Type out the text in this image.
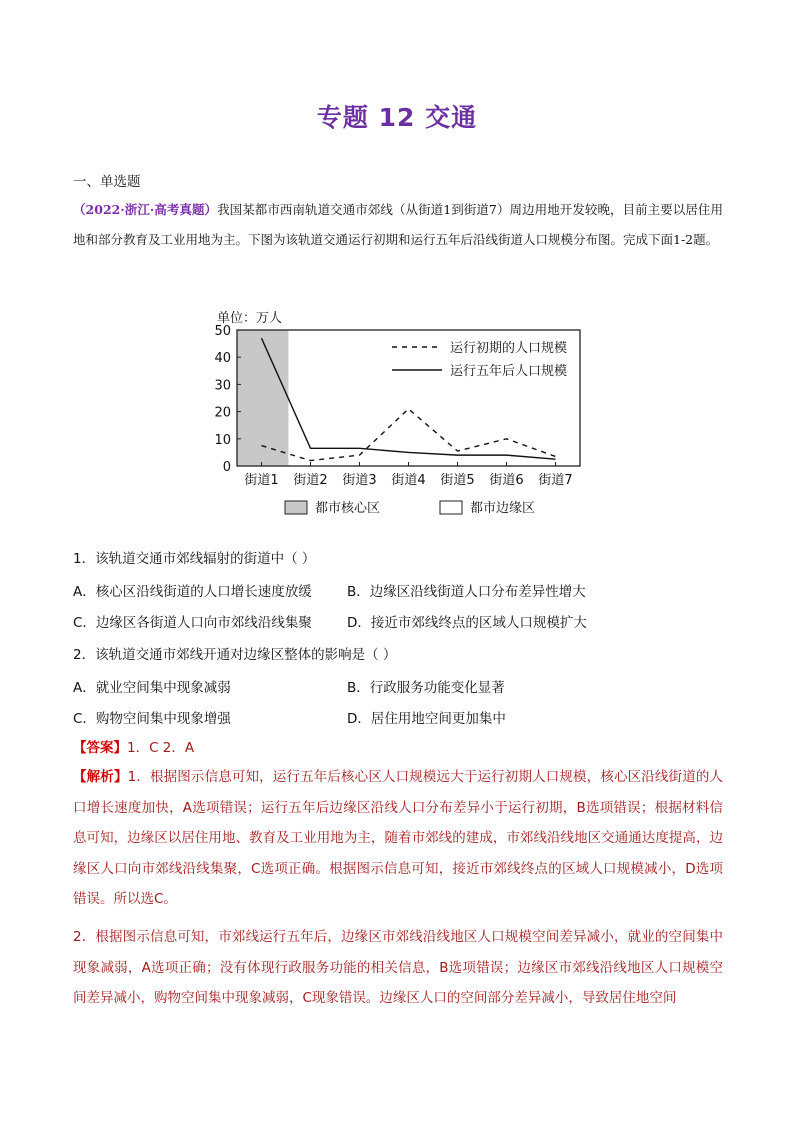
专题 12 交通
一、单选题
（2022·浙江·高考真题）我国某都市西南轨道交通市郊线（从街道1到街道7）周边用地开发较晚，目前主要以居住用地和部分教育及工业用地为主。下图为该轨道交通运行初期和运行五年后沿线街道人口规模分布图。完成下面1-2题。
单位：万人
0
10
20
30
40
50
街道1 街道2 街道3 街道4 街道5 街道6 街道7
运行初期的人口规模
运行五年后人口规模
都市核心区	都市边缘区
1．该轨道交通市郊线辐射的街道中（ ）
A．核心区沿线街道的人口增长速度放缓	B．边缘区沿线街道人口分布差异性增大
C．边缘区各街道人口向市郊线沿线集聚	D．接近市郊线终点的区域人口规模扩大
2．该轨道交通市郊线开通对边缘区整体的影响是（ ）
A．就业空间集中现象减弱	B．行政服务功能变化显著
C．购物空间集中现象增强	D．居住用地空间更加集中
【答案】1．C 2．A
【解析】1．根据图示信息可知，运行五年后核心区人口规模远大于运行初期人口规模，核心区沿线街道的人口增长速度加快，A选项错误；运行五年后边缘区沿线人口分布差异小于运行初期，B选项错误；根据材料信息可知，边缘区以居住用地、教育及工业用地为主，随着市郊线的建成，市郊线沿线地区交通通达度提高，边缘区人口向市郊线沿线集聚，C选项正确。根据图示信息可知，接近市郊线终点的区域人口规模减小，D选项错误。所以选C。
2．根据图示信息可知，市郊线运行五年后，边缘区市郊线沿线地区人口规模空间差异减小，就业的空间集中现象减弱，A选项正确；没有体现行政服务功能的相关信息，B选项错误；边缘区市郊线沿线地区人口规模空间差异减小，购物空间集中现象减弱，C现象错误。边缘区人口的空间部分差异减小，导致居住地空间
